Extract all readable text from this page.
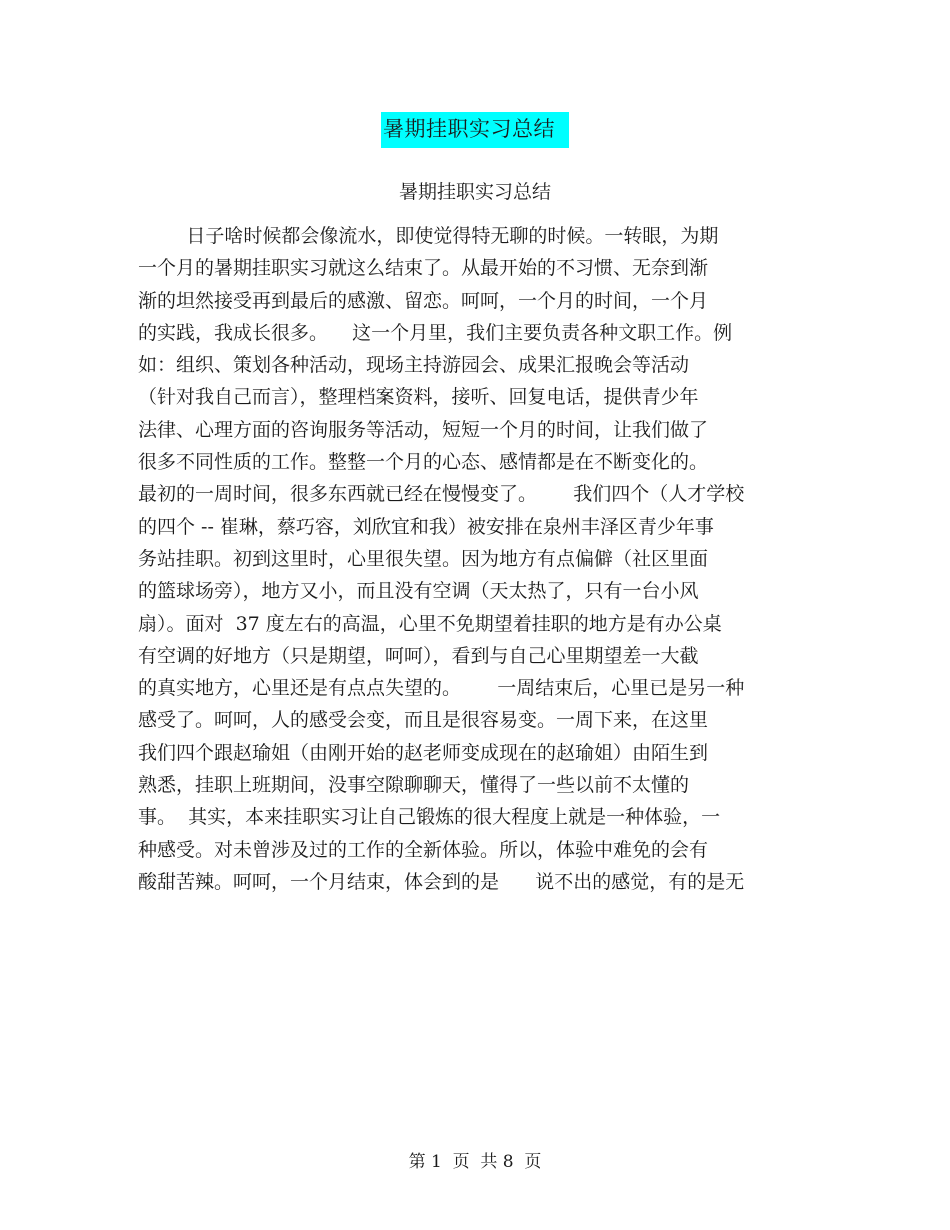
暑期挂职实习总结
暑期挂职实习总结
日子啥时候都会像流水，即使觉得特无聊的时候。一转眼，为期
一个月的暑期挂职实习就这么结束了。从最开始的不习惯、无奈到渐
渐的坦然接受再到最后的感激、留恋。呵呵，一个月的时间，一个月
的实践，我成长很多。    这一个月里，我们主要负责各种文职工作。例
如：组织、策划各种活动，现场主持游园会、成果汇报晚会等活动
（针对我自己而言），整理档案资料，接听、回复电话，提供青少年
法律、心理方面的咨询服务等活动，短短一个月的时间，让我们做了
很多不同性质的工作。整整一个月的心态、感情都是在不断变化的。
最初的一周时间，很多东西就已经在慢慢变了。      我们四个（人才学校
的四个 -- 崔琳，蔡巧容，刘欣宜和我）被安排在泉州丰泽区青少年事
务站挂职。初到这里时，心里很失望。因为地方有点偏僻（社区里面
的篮球场旁），地方又小，而且没有空调（天太热了，只有一台小风
扇）。面对  37 度左右的高温，心里不免期望着挂职的地方是有办公桌
有空调的好地方（只是期望，呵呵），看到与自己心里期望差一大截
的真实地方，心里还是有点点失望的。      一周结束后，心里已是另一种
感受了。呵呵，人的感受会变，而且是很容易变。一周下来，在这里
我们四个跟赵瑜姐（由刚开始的赵老师变成现在的赵瑜姐）由陌生到
熟悉，挂职上班期间，没事空隙聊聊天，懂得了一些以前不太懂的
事。  其实，本来挂职实习让自己锻炼的很大程度上就是一种体验，一
种感受。对未曾涉及过的工作的全新体验。所以，体验中难免的会有
酸甜苦辣。呵呵，一个月结束，体会到的是      说不出的感觉，有的是无
第 1  页  共 8  页
